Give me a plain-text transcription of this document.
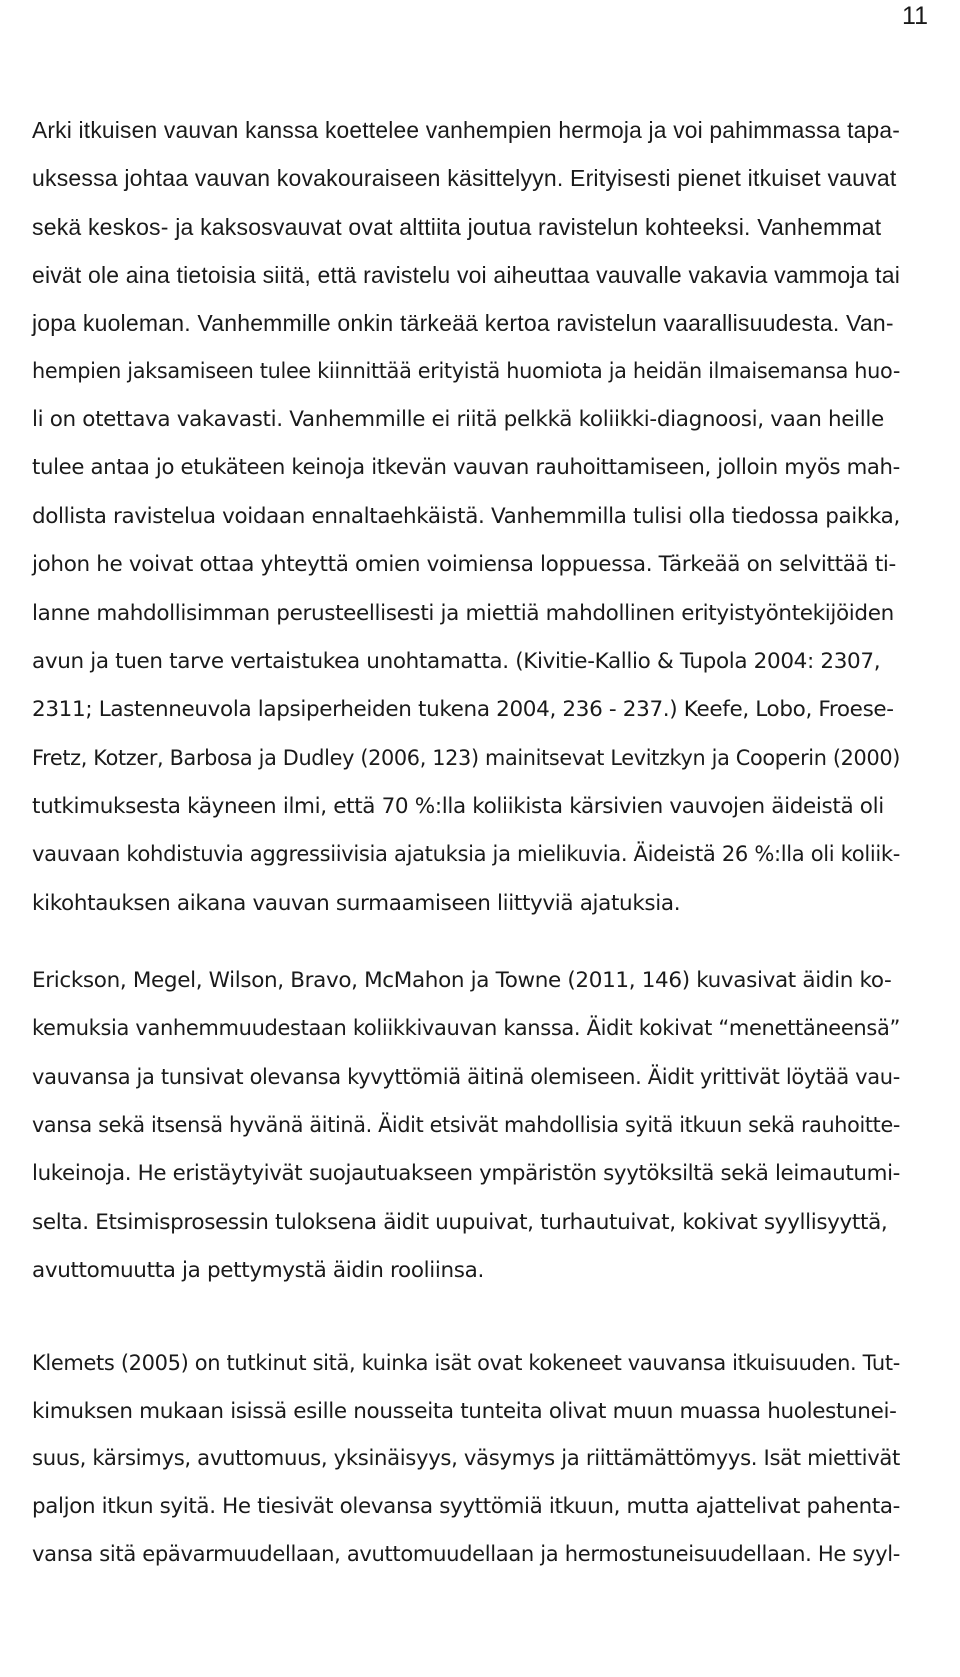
11

Arki itkuisen vauvan kanssa koettelee vanhempien hermoja ja voi pahimmassa tapa-

uksessa johtaa vauvan kovakouraiseen käsittelyyn. Erityisesti pienet itkuiset vauvat

sekä keskos- ja kaksosvauvat ovat alttiita joutua ravistelun kohteeksi. Vanhemmat

eivät ole aina tietoisia siitä, että ravistelu voi aiheuttaa vauvalle vakavia vammoja tai

jopa kuoleman. Vanhemmille onkin tärkeää kertoa ravistelun vaarallisuudesta. Van-

hempien jaksamiseen tulee kiinnittää erityistä huomiota ja heidän ilmaisemansa huo-

li on otettava vakavasti. Vanhemmille ei riitä pelkkä koliikki-diagnoosi, vaan heille

tulee antaa jo etukäteen keinoja itkevän vauvan rauhoittamiseen, jolloin myös mah-

dollista ravistelua voidaan ennaltaehkäistä. Vanhemmilla tulisi olla tiedossa paikka,

johon he voivat ottaa yhteyttä omien voimiensa loppuessa. Tärkeää on selvittää ti-

lanne mahdollisimman perusteellisesti ja miettiä mahdollinen erityistyöntekijöiden

avun ja tuen tarve vertaistukea unohtamatta. (Kivitie-Kallio & Tupola 2004: 2307,

2311; Lastenneuvola lapsiperheiden tukena 2004, 236 - 237.) Keefe, Lobo, Froese-

Fretz, Kotzer, Barbosa ja Dudley (2006, 123) mainitsevat Levitzkyn ja Cooperin (2000)

tutkimuksesta käyneen ilmi, että 70 %:lla koliikista kärsivien vauvojen äideistä oli

vauvaan kohdistuvia aggressiivisia ajatuksia ja mielikuvia. Äideistä 26 %:lla oli koliik-

kikohtauksen aikana vauvan surmaamiseen liittyviä ajatuksia.

Erickson, Megel, Wilson, Bravo, McMahon ja Towne (2011, 146) kuvasivat äidin ko-

kemuksia vanhemmuudestaan koliikkivauvan kanssa. Äidit kokivat “menettäneensä”

vauvansa ja tunsivat olevansa kyvyttömiä äitinä olemiseen. Äidit yrittivät löytää vau-

vansa sekä itsensä hyvänä äitinä. Äidit etsivät mahdollisia syitä itkuun sekä rauhoitte-

lukeinoja. He eristäytyivät suojautuakseen ympäristön syytöksiltä sekä leimautumi-

selta. Etsimisprosessin tuloksena äidit uupuivat, turhautuivat, kokivat syyllisyyttä,

avuttomuutta ja pettymystä äidin rooliinsa.

Klemets (2005) on tutkinut sitä, kuinka isät ovat kokeneet vauvansa itkuisuuden. Tut-

kimuksen mukaan isissä esille nousseita tunteita olivat muun muassa huolestunei-

suus, kärsimys, avuttomuus, yksinäisyys, väsymys ja riittämättömyys. Isät miettivät

paljon itkun syitä. He tiesivät olevansa syyttömiä itkuun, mutta ajattelivat pahenta-

vansa sitä epävarmuudellaan, avuttomuudellaan ja hermostuneisuudellaan. He syyl-
